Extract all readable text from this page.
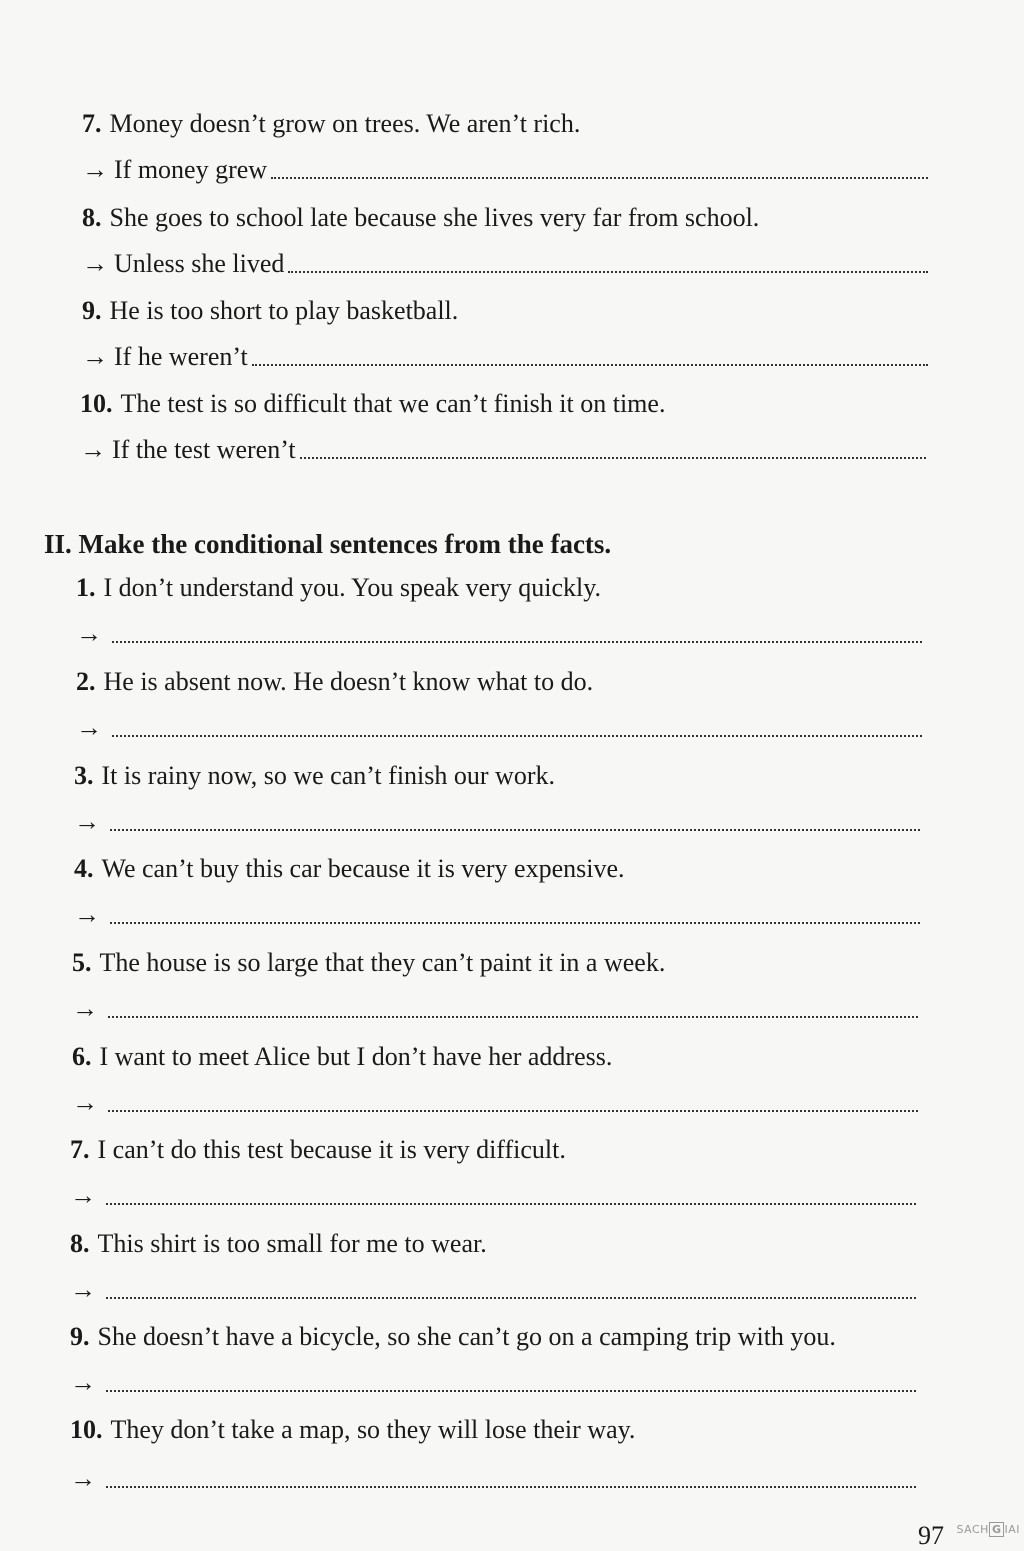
7. Money doesn’t grow on trees. We aren’t rich.
→ If money grew
8. She goes to school late because she lives very far from school.
→ Unless she lived
9. He is too short to play basketball.
→ If he weren’t
10. The test is so difficult that we can’t finish it on time.
→ If the test weren’t
II. Make the conditional sentences from the facts.
1. I don’t understand you. You speak very quickly.
→
2. He is absent now. He doesn’t know what to do.
→
3. It is rainy now, so we can’t finish our work.
→
4. We can’t buy this car because it is very expensive.
→
5. The house is so large that they can’t paint it in a week.
→
6. I want to meet Alice but I don’t have her address.
→
7. I can’t do this test because it is very difficult.
→
8. This shirt is too small for me to wear.
→
9. She doesn’t have a bicycle, so she can’t go on a camping trip with you.
→
10. They don’t take a map, so they will lose their way.
→
97 SACH G IAI
